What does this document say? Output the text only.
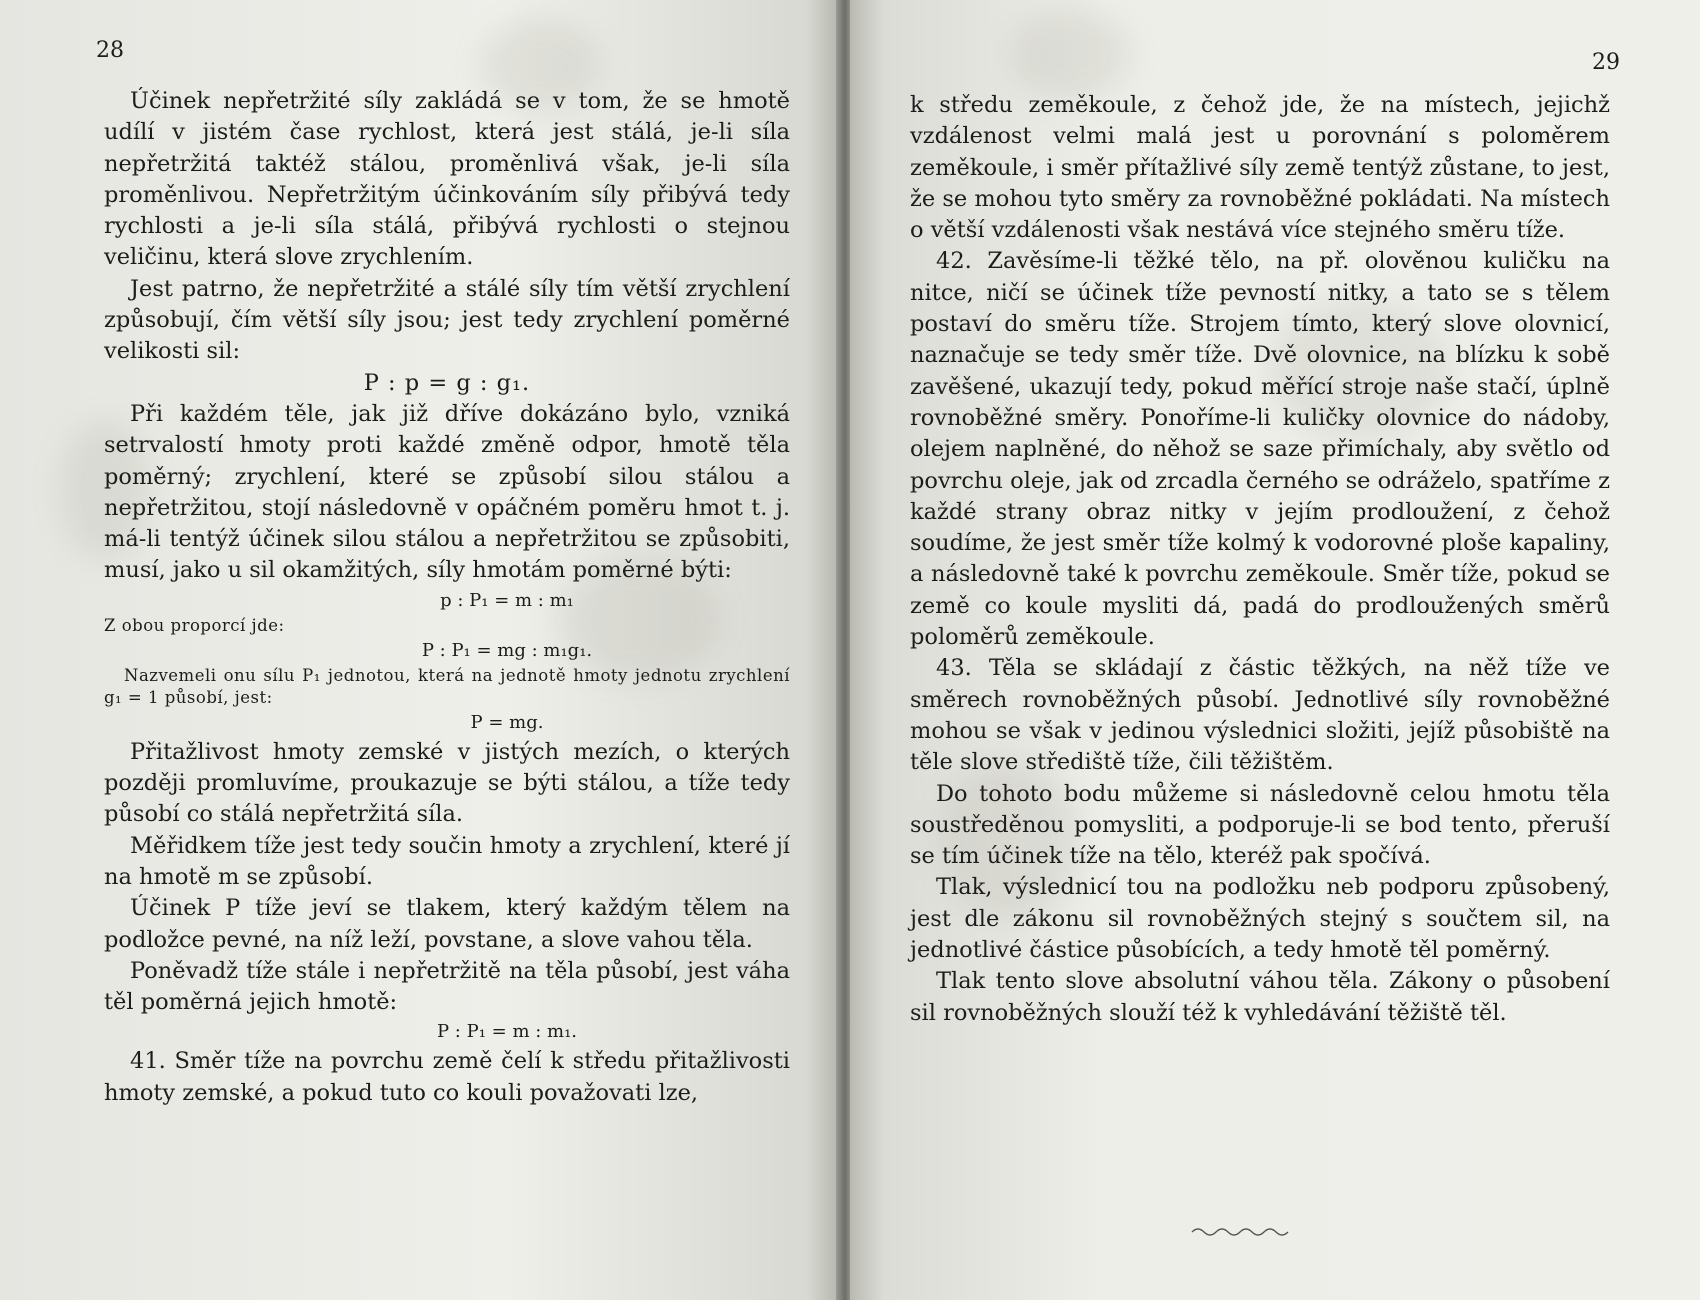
28

Účinek nepřetržité síly zakládá se v tom, že se hmotě udílí v jistém čase rychlost, která jest stálá, je-li síla nepřetržitá taktéž stálou, proměnlivá však, je-li síla proměnlivou. Nepřetržitým účinkováním síly přibývá tedy rychlosti a je-li síla stálá, přibývá rychlosti o stejnou veličinu, která slove zrychlením.

Jest patrno, že nepřetržité a stálé síly tím větší zrychlení způsobují, čím větší síly jsou; jest tedy zrychlení poměrné velikosti sil:

P : p = g : g₁.

Při každém těle, jak již dříve dokázáno bylo, vzniká setrvalostí hmoty proti každé změně odpor, hmotě těla poměrný; zrychlení, které se způsobí silou stálou a nepřetržitou, stojí následovně v opáčném poměru hmot t. j. má-li tentýž účinek silou stálou a nepřetržitou se způsobiti, musí, jako u sil okamžitých, síly hmotám poměrné býti:

p : P₁ = m : m₁

Z obou proporcí jde:

P : P₁ = mg : m₁g₁.

Nazvemeli onu sílu P₁ jednotou, která na jednotě hmoty jednotu zrychlení g₁ = 1 působí, jest:

P = mg.

Přitažlivost hmoty zemské v jistých mezích, o kterých později promluvíme, proukazuje se býti stálou, a tíže tedy působí co stálá nepřetržitá síla.

Měřidkem tíže jest tedy součin hmoty a zrychlení, které jí na hmotě m se způsobí.

Účinek P tíže jeví se tlakem, který každým tělem na podložce pevné, na níž leží, povstane, a slove vahou těla.

Poněvadž tíže stále i nepřetržitě na těla působí, jest váha těl poměrná jejich hmotě:

P : P₁ = m : m₁.

41. Směr tíže na povrchu země čelí k středu přitažlivosti hmoty zemské, a pokud tuto co kouli považovati lze,

29

k středu zeměkoule, z čehož jde, že na místech, jejichž vzdálenost velmi malá jest u porovnání s poloměrem zeměkoule, i směr přítažlivé síly země tentýž zůstane, to jest, že se mohou tyto směry za rovnoběžné pokládati. Na místech o větší vzdálenosti však nestává více stejného směru tíže.

42. Zavěsíme-li těžké tělo, na př. olověnou kuličku na nitce, ničí se účinek tíže pevností nitky, a tato se s tělem postaví do směru tíže. Strojem tímto, který slove olovnicí, naznačuje se tedy směr tíže. Dvě olovnice, na blízku k sobě zavěšené, ukazují tedy, pokud měřící stroje naše stačí, úplně rovnoběžné směry. Ponoříme-li kuličky olovnice do nádoby, olejem naplněné, do něhož se saze přimíchaly, aby světlo od povrchu oleje, jak od zrcadla černého se odráželo, spatříme z každé strany obraz nitky v jejím prodloužení, z čehož soudíme, že jest směr tíže kolmý k vodorovné ploše kapaliny, a následovně také k povrchu zeměkoule. Směr tíže, pokud se země co koule mysliti dá, padá do prodloužených směrů poloměrů zeměkoule.

43. Těla se skládají z částic těžkých, na něž tíže ve směrech rovnoběžných působí. Jednotlivé síly rovnoběžné mohou se však v jedinou výslednici složiti, jejíž působiště na těle slove střediště tíže, čili těžištěm.

Do tohoto bodu můžeme si následovně celou hmotu těla soustředěnou pomysliti, a podporuje-li se bod tento, přeruší se tím účinek tíže na tělo, kteréž pak spočívá.

Tlak, výslednicí tou na podložku neb podporu způsobený, jest dle zákonu sil rovnoběžných stejný s součtem sil, na jednotlivé částice působících, a tedy hmotě těl poměrný.

Tlak tento slove absolutní váhou těla. Zákony o působení sil rovnoběžných slouží též k vyhledávání těžiště těl.
